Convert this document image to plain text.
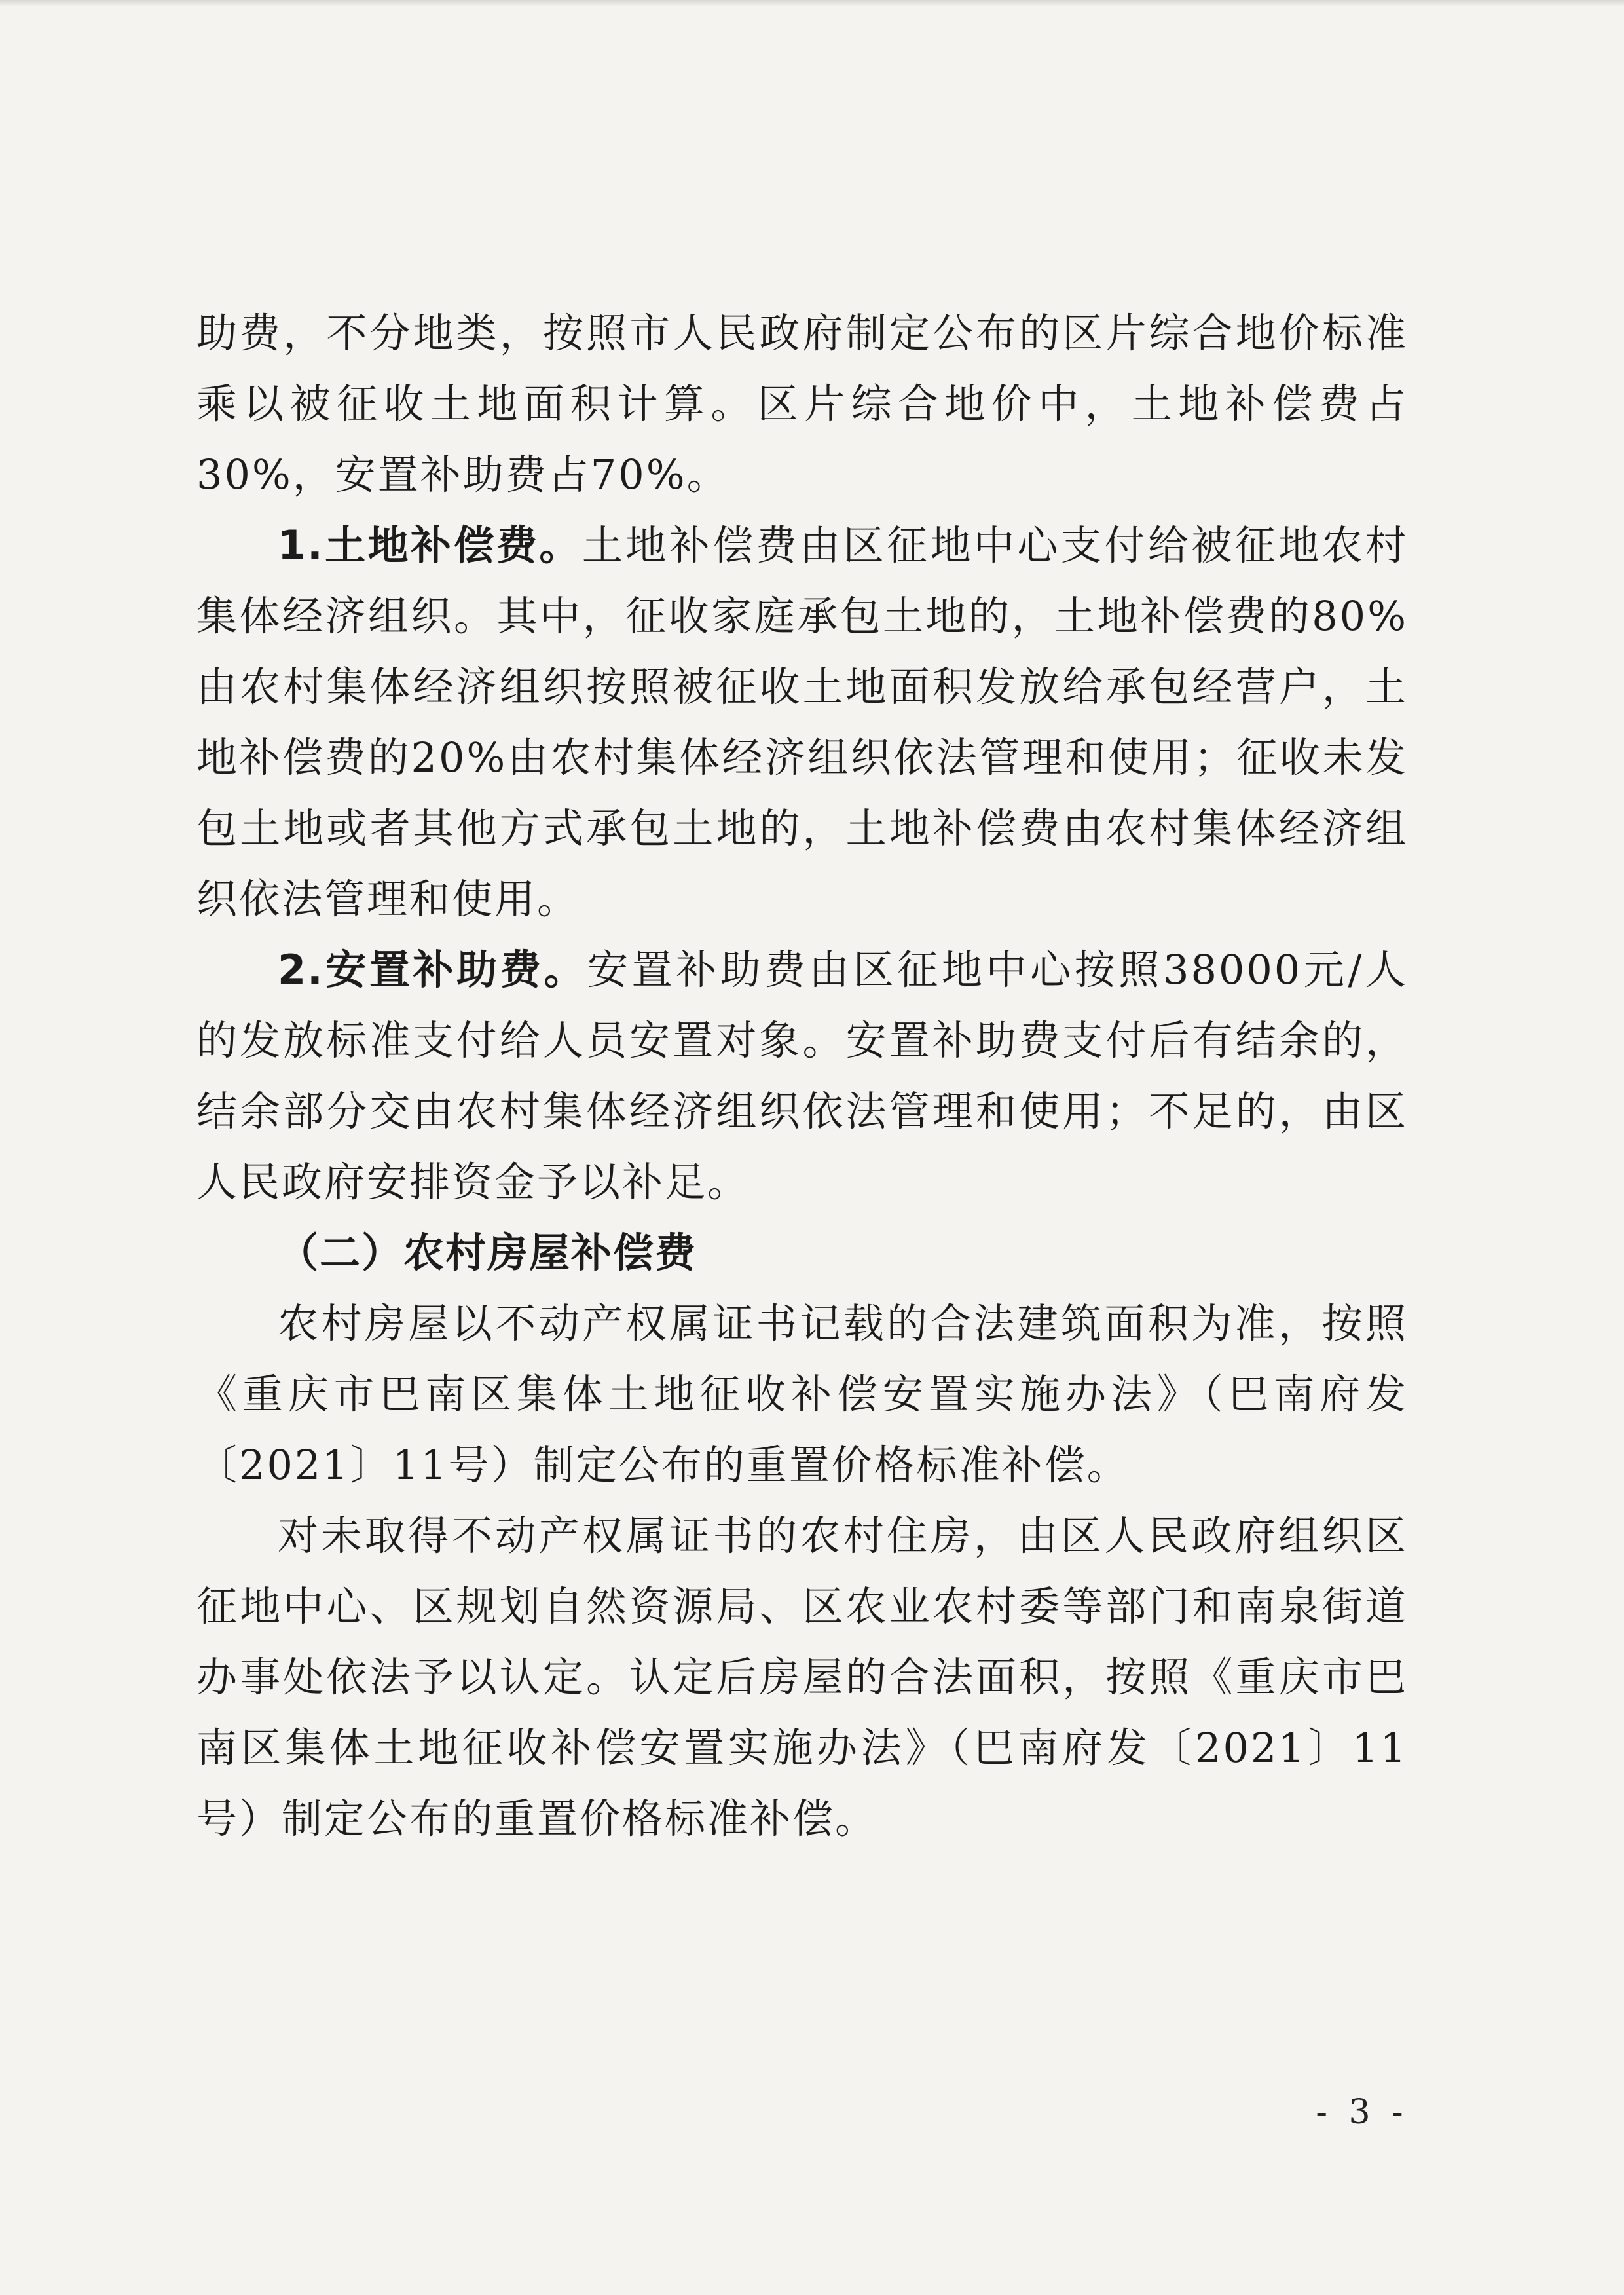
助费，不分地类，按照市人民政府制定公布的区片综合地价标准乘以被征收土地面积计算。区片综合地价中，土地补偿费占30%，安置补助费占70%。

1.土地补偿费。土地补偿费由区征地中心支付给被征地农村集体经济组织。其中，征收家庭承包土地的，土地补偿费的80%由农村集体经济组织按照被征收土地面积发放给承包经营户，土地补偿费的20%由农村集体经济组织依法管理和使用；征收未发包土地或者其他方式承包土地的，土地补偿费由农村集体经济组织依法管理和使用。

2.安置补助费。安置补助费由区征地中心按照38000元/人的发放标准支付给人员安置对象。安置补助费支付后有结余的，结余部分交由农村集体经济组织依法管理和使用；不足的，由区人民政府安排资金予以补足。

（二）农村房屋补偿费

农村房屋以不动产权属证书记载的合法建筑面积为准，按照《重庆市巴南区集体土地征收补偿安置实施办法》（巴南府发〔2021〕11号）制定公布的重置价格标准补偿。

对未取得不动产权属证书的农村住房，由区人民政府组织区征地中心、区规划自然资源局、区农业农村委等部门和南泉街道办事处依法予以认定。认定后房屋的合法面积，按照《重庆市巴南区集体土地征收补偿安置实施办法》（巴南府发〔2021〕11号）制定公布的重置价格标准补偿。

- 3 -
